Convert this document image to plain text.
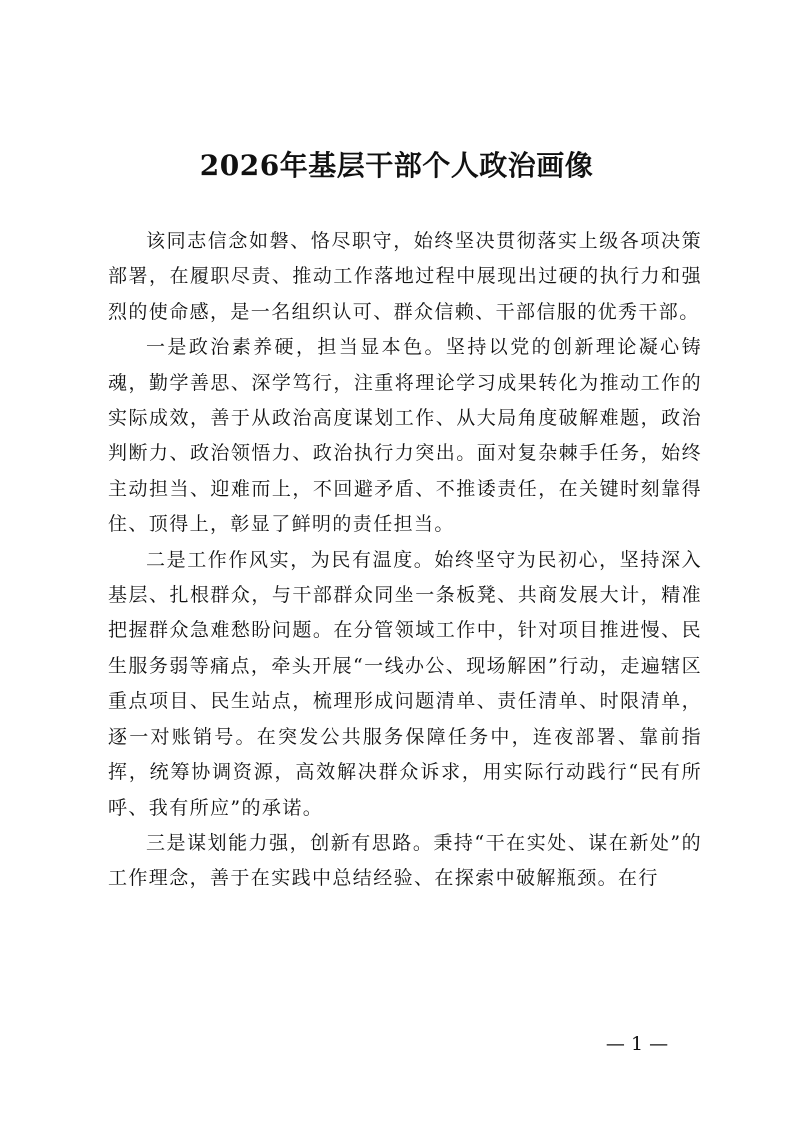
2026年基层干部个人政治画像

该同志信念如磐、恪尽职守，始终坚决贯彻落实上级各项决策部署，在履职尽责、推动工作落地过程中展现出过硬的执行力和强烈的使命感，是一名组织认可、群众信赖、干部信服的优秀干部。

一是政治素养硬，担当显本色。坚持以党的创新理论凝心铸魂，勤学善思、深学笃行，注重将理论学习成果转化为推动工作的实际成效，善于从政治高度谋划工作、从大局角度破解难题，政治判断力、政治领悟力、政治执行力突出。面对复杂棘手任务，始终主动担当、迎难而上，不回避矛盾、不推诿责任，在关键时刻靠得住、顶得上，彰显了鲜明的责任担当。

二是工作作风实，为民有温度。始终坚守为民初心，坚持深入基层、扎根群众，与干部群众同坐一条板凳、共商发展大计，精准把握群众急难愁盼问题。在分管领域工作中，针对项目推进慢、民生服务弱等痛点，牵头开展“一线办公、现场解困”行动，走遍辖区重点项目、民生站点，梳理形成问题清单、责任清单、时限清单，逐一对账销号。在突发公共服务保障任务中，连夜部署、靠前指挥，统筹协调资源，高效解决群众诉求，用实际行动践行“民有所呼、我有所应”的承诺。

三是谋划能力强，创新有思路。秉持“干在实处、谋在新处”的工作理念，善于在实践中总结经验、在探索中破解瓶颈。在行

— 1 —
